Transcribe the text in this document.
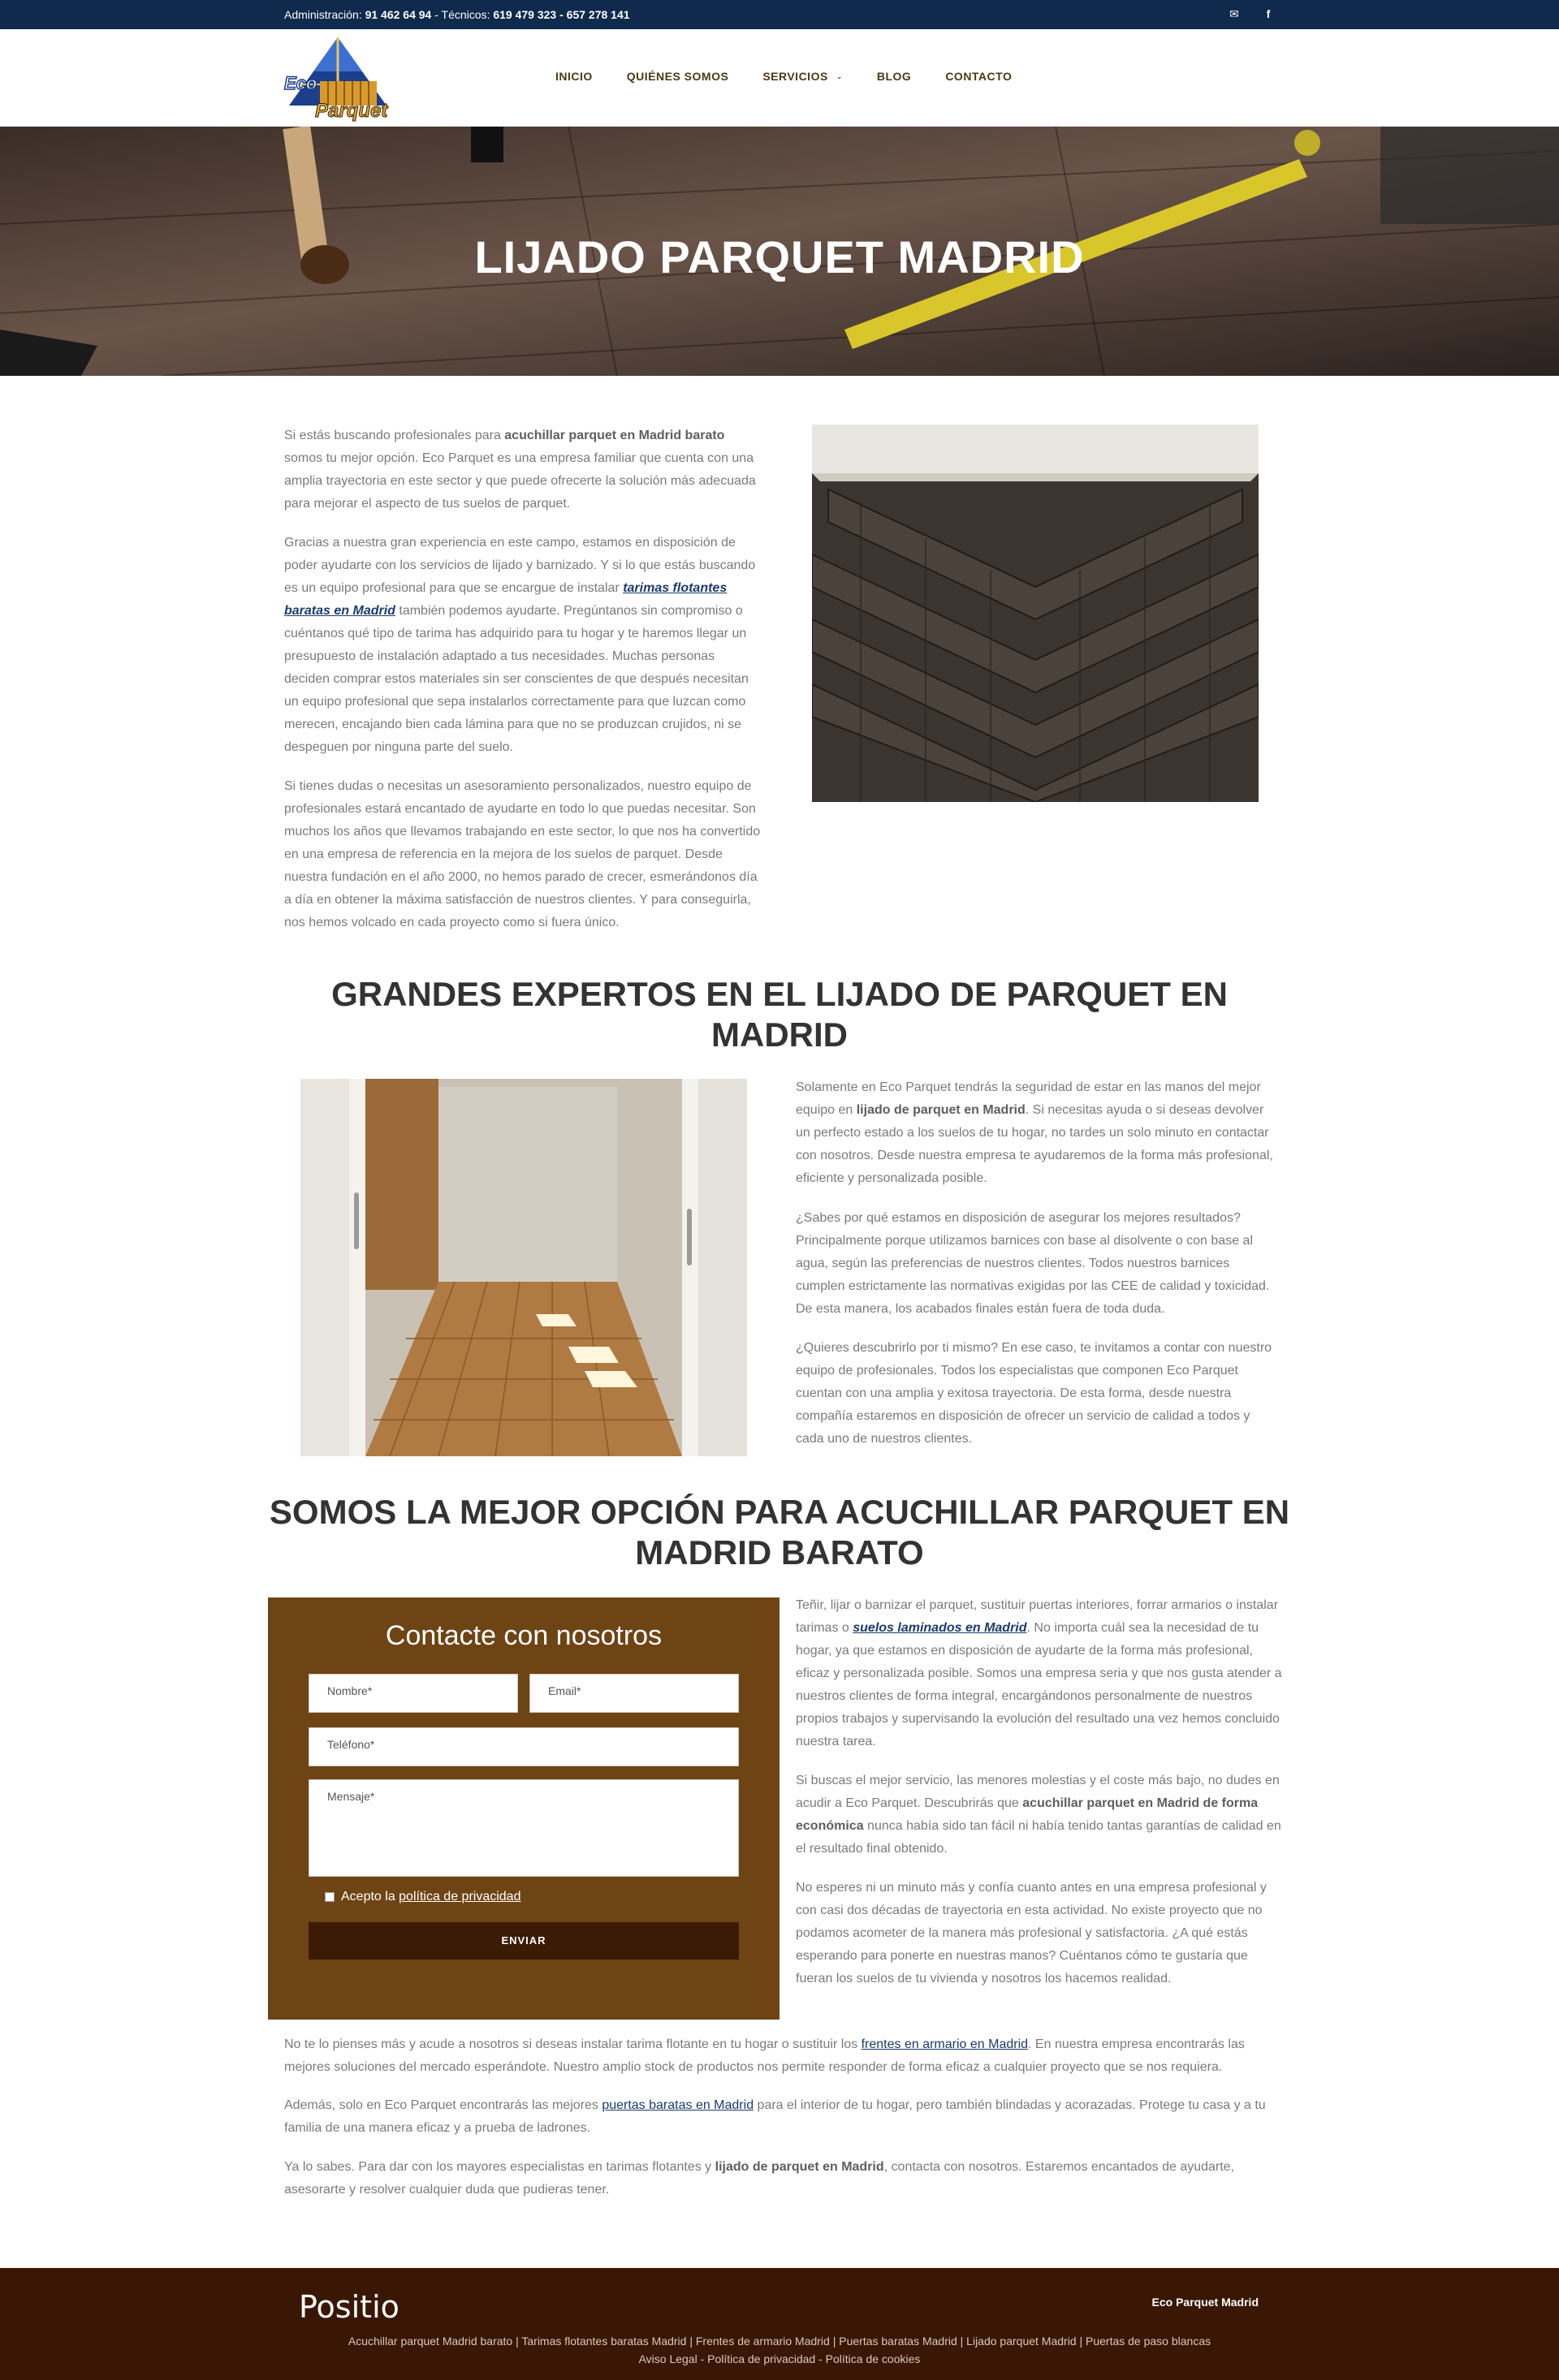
Administración: 91 462 64 94 - Técnicos: 619 479 323 - 657 278 141	✉	f
Eco
Parquet
INICIO	QUIÉNES SOMOS	SERVICIOS ⌄	BLOG	CONTACTO
LIJADO PARQUET MADRID

Si estás buscando profesionales para acuchillar parquet en Madrid barato somos tu mejor opción. Eco Parquet es una empresa familiar que cuenta con una amplia trayectoria en este sector y que puede ofrecerte la solución más adecuada para mejorar el aspecto de tus suelos de parquet.

Gracias a nuestra gran experiencia en este campo, estamos en disposición de poder ayudarte con los servicios de lijado y barnizado. Y si lo que estás buscando es un equipo profesional para que se encargue de instalar tarimas flotantes baratas en Madrid también podemos ayudarte. Pregúntanos sin compromiso o cuéntanos qué tipo de tarima has adquirido para tu hogar y te haremos llegar un presupuesto de instalación adaptado a tus necesidades. Muchas personas deciden comprar estos materiales sin ser conscientes de que después necesitan un equipo profesional que sepa instalarlos correctamente para que luzcan como merecen, encajando bien cada lámina para que no se produzcan crujidos, ni se despeguen por ninguna parte del suelo.

Si tienes dudas o necesitas un asesoramiento personalizados, nuestro equipo de profesionales estará encantado de ayudarte en todo lo que puedas necesitar. Son muchos los años que llevamos trabajando en este sector, lo que nos ha convertido en una empresa de referencia en la mejora de los suelos de parquet. Desde nuestra fundación en el año 2000, no hemos parado de crecer, esmerándonos día a día en obtener la máxima satisfacción de nuestros clientes. Y para conseguirla, nos hemos volcado en cada proyecto como si fuera único.

GRANDES EXPERTOS EN EL LIJADO DE PARQUET EN
MADRID

Solamente en Eco Parquet tendrás la seguridad de estar en las manos del mejor equipo en lijado de parquet en Madrid. Si necesitas ayuda o si deseas devolver un perfecto estado a los suelos de tu hogar, no tardes un solo minuto en contactar con nosotros. Desde nuestra empresa te ayudaremos de la forma más profesional, eficiente y personalizada posible.

¿Sabes por qué estamos en disposición de asegurar los mejores resultados? Principalmente porque utilizamos barnices con base al disolvente o con base al agua, según las preferencias de nuestros clientes. Todos nuestros barnices cumplen estrictamente las normativas exigidas por las CEE de calidad y toxicidad. De esta manera, los acabados finales están fuera de toda duda.

¿Quieres descubrirlo por ti mismo? En ese caso, te invitamos a contar con nuestro equipo de profesionales. Todos los especialistas que componen Eco Parquet cuentan con una amplia y exitosa trayectoria. De esta forma, desde nuestra compañía estaremos en disposición de ofrecer un servicio de calidad a todos y cada uno de nuestros clientes.

SOMOS LA MEJOR OPCIÓN PARA ACUCHILLAR PARQUET EN
MADRID BARATO
Contacte con nosotros
Nombre*	Email*
Teléfono*
Mensaje*
Acepto la política de privacidad
ENVIAR

Teñir, lijar o barnizar el parquet, sustituir puertas interiores, forrar armarios o instalar tarimas o suelos laminados en Madrid. No importa cuál sea la necesidad de tu hogar, ya que estamos en disposición de ayudarte de la forma más profesional, eficaz y personalizada posible. Somos una empresa seria y que nos gusta atender a nuestros clientes de forma integral, encargándonos personalmente de nuestros propios trabajos y supervisando la evolución del resultado una vez hemos concluido nuestra tarea.

Si buscas el mejor servicio, las menores molestias y el coste más bajo, no dudes en acudir a Eco Parquet. Descubrirás que acuchillar parquet en Madrid de forma económica nunca había sido tan fácil ni había tenido tantas garantías de calidad en el resultado final obtenido.

No esperes ni un minuto más y confía cuanto antes en una empresa profesional y con casi dos décadas de trayectoria en esta actividad. No existe proyecto que no podamos acometer de la manera más profesional y satisfactoria. ¿A qué estás esperando para ponerte en nuestras manos? Cuéntanos cómo te gustaría que fueran los suelos de tu vivienda y nosotros los hacemos realidad.

No te lo pienses más y acude a nosotros si deseas instalar tarima flotante en tu hogar o sustituir los frentes en armario en Madrid. En nuestra empresa encontrarás las mejores soluciones del mercado esperándote. Nuestro amplio stock de productos nos permite responder de forma eficaz a cualquier proyecto que se nos requiera.

Además, solo en Eco Parquet encontrarás las mejores puertas baratas en Madrid para el interior de tu hogar, pero también blindadas y acorazadas. Protege tu casa y a tu familia de una manera eficaz y a prueba de ladrones.

Ya lo sabes. Para dar con los mayores especialistas en tarimas flotantes y lijado de parquet en Madrid, contacta con nosotros. Estaremos encantados de ayudarte, asesorarte y resolver cualquier duda que pudieras tener.

Positio	Eco Parquet Madrid
Acuchillar parquet Madrid barato | Tarimas flotantes baratas Madrid | Frentes de armario Madrid | Puertas baratas Madrid | Lijado parquet Madrid | Puertas de paso blancas
Aviso Legal - Política de privacidad - Política de cookies
